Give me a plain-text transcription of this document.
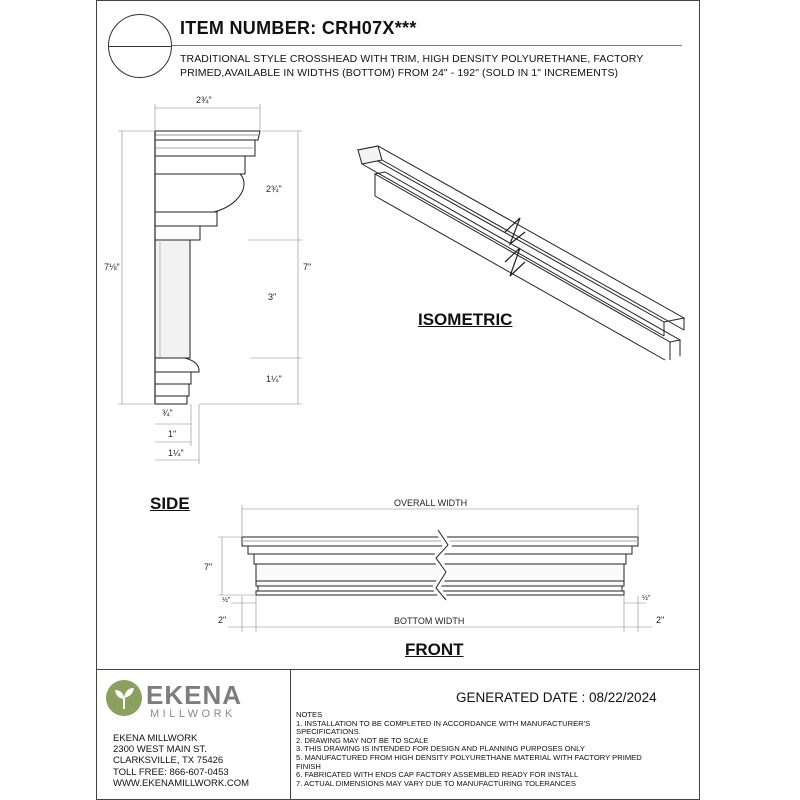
ITEM NUMBER: CRH07X***
TRADITIONAL STYLE CROSSHEAD WITH TRIM, HIGH DENSITY POLYURETHANE, FACTORY PRIMED,AVAILABLE IN WIDTHS (BOTTOM) FROM 24" - 192" (SOLD IN 1" INCREMENTS)
2¾"
2¾"
7⅛"	7"
3"
1¼"
¾"
1"
1¼"
OVERALL WIDTH
BOTTOM WIDTH
7"
2"	2"
½"	½"
SIDE
ISOMETRIC
FRONT
EKENA
MILLWORK
EKENA MILLWORK
2300 WEST MAIN ST.
CLARKSVILLE, TX 75426
TOLL FREE: 866-607-0453
WWW.EKENAMILLWORK.COM
GENERATED DATE : 08/22/2024
NOTES
1. INSTALLATION TO BE COMPLETED IN ACCORDANCE WITH MANUFACTURER'S
SPECIFICATIONS.
2. DRAWING MAY NOT BE TO SCALE
3. THIS DRAWING IS INTENDED FOR DESIGN AND PLANNING PURPOSES ONLY
5. MANUFACTURED FROM HIGH DENSITY POLYURETHANE MATERIAL WITH FACTORY PRIMED
FINISH
6. FABRICATED WITH ENDS CAP FACTORY ASSEMBLED READY FOR INSTALL
7. ACTUAL DIMENSIONS MAY VARY DUE TO MANUFACTURING TOLERANCES
